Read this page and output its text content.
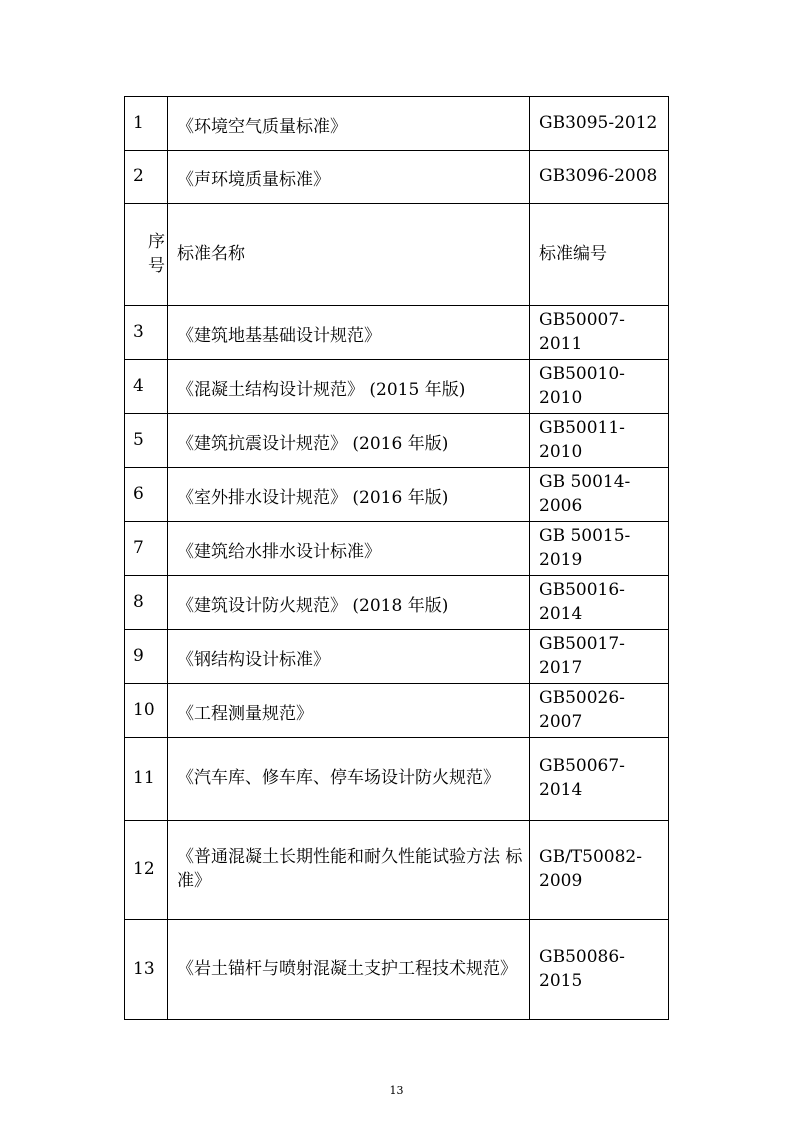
1	《环境空气质量标准》	GB3095-2012
2	《声环境质量标准》	GB3096-2008

序
号	标准名称	标准编号
3	《建筑地基基础设计规范》	GB50007-2011
4	《混凝土结构设计规范》 (2015 年版)	GB50010-2010
5	《建筑抗震设计规范》 (2016 年版)	GB50011-2010
6	《室外排水设计规范》 (2016 年版)	GB 50014-2006
7	《建筑给水排水设计标准》	GB 50015-2019
8	《建筑设计防火规范》 (2018 年版)	GB50016-2014
9	《钢结构设计标准》	GB50017-2017
10	《工程测量规范》	GB50026-2007
11	《汽车库、修车库、停车场设计防火规范》	GB50067-2014
12	《普通混凝土长期性能和耐久性能试验方法 标准》	GB/T50082-2009
13	《岩土锚杆与喷射混凝土支护工程技术规范》	GB50086-2015
13
